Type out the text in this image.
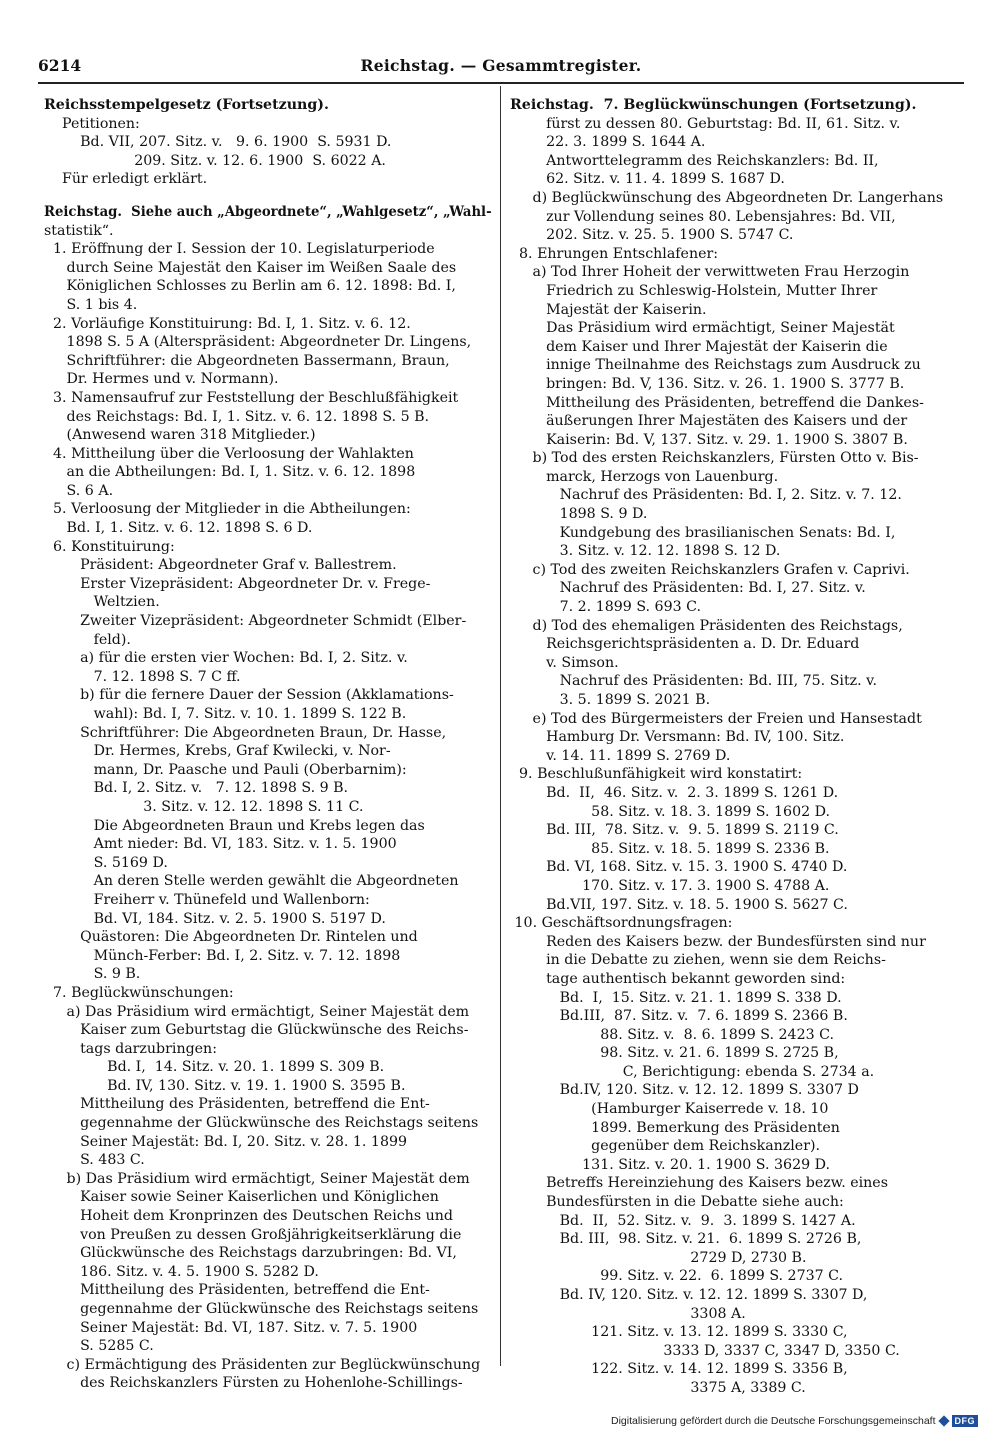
6214	Reichstag. — Gesammtregister.
Reichsstempelgesetz (Fortsetzung).
Petitionen:
Bd. VII, 207. Sitz. v.   9. 6. 1900  S. 5931 D.
209. Sitz. v. 12. 6. 1900  S. 6022 A.
Für erledigt erklärt.
Reichstag.  Siehe auch „Abgeordnete“, „Wahlgesetz“, „Wahl-
statistik“.
1. Eröffnung der I. Session der 10. Legislaturperiode
durch Seine Majestät den Kaiser im Weißen Saale des
Königlichen Schlosses zu Berlin am 6. 12. 1898: Bd. I,
S. 1 bis 4.
2. Vorläufige Konstituirung: Bd. I, 1. Sitz. v. 6. 12.
1898 S. 5 A (Alterspräsident: Abgeordneter Dr. Lingens,
Schriftführer: die Abgeordneten Bassermann, Braun,
Dr. Hermes und v. Normann).
3. Namensaufruf zur Feststellung der Beschlußfähigkeit
des Reichstags: Bd. I, 1. Sitz. v. 6. 12. 1898 S. 5 B.
(Anwesend waren 318 Mitglieder.)
4. Mittheilung über die Verloosung der Wahlakten
an die Abtheilungen: Bd. I, 1. Sitz. v. 6. 12. 1898
S. 6 A.
5. Verloosung der Mitglieder in die Abtheilungen:
Bd. I, 1. Sitz. v. 6. 12. 1898 S. 6 D.
6. Konstituirung:
Präsident: Abgeordneter Graf v. Ballestrem.
Erster Vizepräsident: Abgeordneter Dr. v. Frege-
Weltzien.
Zweiter Vizepräsident: Abgeordneter Schmidt (Elber-
feld).
a) für die ersten vier Wochen: Bd. I, 2. Sitz. v.
7. 12. 1898 S. 7 C ff.
b) für die fernere Dauer der Session (Akklamations-
wahl): Bd. I, 7. Sitz. v. 10. 1. 1899 S. 122 B.
Schriftführer: Die Abgeordneten Braun, Dr. Hasse,
Dr. Hermes, Krebs, Graf Kwilecki, v. Nor-
mann, Dr. Paasche und Pauli (Oberbarnim):
Bd. I, 2. Sitz. v.   7. 12. 1898 S. 9 B.
3. Sitz. v. 12. 12. 1898 S. 11 C.
Die Abgeordneten Braun und Krebs legen das
Amt nieder: Bd. VI, 183. Sitz. v. 1. 5. 1900
S. 5169 D.
An deren Stelle werden gewählt die Abgeordneten
Freiherr v. Thünefeld und Wallenborn:
Bd. VI, 184. Sitz. v. 2. 5. 1900 S. 5197 D.
Quästoren: Die Abgeordneten Dr. Rintelen und
Münch-Ferber: Bd. I, 2. Sitz. v. 7. 12. 1898
S. 9 B.
7. Beglückwünschungen:
a) Das Präsidium wird ermächtigt, Seiner Majestät dem
Kaiser zum Geburtstag die Glückwünsche des Reichs-
tags darzubringen:
Bd. I,  14. Sitz. v. 20. 1. 1899 S. 309 B.
Bd. IV, 130. Sitz. v. 19. 1. 1900 S. 3595 B.
Mittheilung des Präsidenten, betreffend die Ent-
gegennahme der Glückwünsche des Reichstags seitens
Seiner Majestät: Bd. I, 20. Sitz. v. 28. 1. 1899
S. 483 C.
b) Das Präsidium wird ermächtigt, Seiner Majestät dem
Kaiser sowie Seiner Kaiserlichen und Königlichen
Hoheit dem Kronprinzen des Deutschen Reichs und
von Preußen zu dessen Großjährigkeitserklärung die
Glückwünsche des Reichstags darzubringen: Bd. VI,
186. Sitz. v. 4. 5. 1900 S. 5282 D.
Mittheilung des Präsidenten, betreffend die Ent-
gegennahme der Glückwünsche des Reichstags seitens
Seiner Majestät: Bd. VI, 187. Sitz. v. 7. 5. 1900
S. 5285 C.
c) Ermächtigung des Präsidenten zur Beglückwünschung
des Reichskanzlers Fürsten zu Hohenlohe-Schillings-
Reichstag.  7. Beglückwünschungen (Fortsetzung).
fürst zu dessen 80. Geburtstag: Bd. II, 61. Sitz. v.
22. 3. 1899 S. 1644 A.
Antworttelegramm des Reichskanzlers: Bd. II,
62. Sitz. v. 11. 4. 1899 S. 1687 D.
d) Beglückwünschung des Abgeordneten Dr. Langerhans
zur Vollendung seines 80. Lebensjahres: Bd. VII,
202. Sitz. v. 25. 5. 1900 S. 5747 C.
8. Ehrungen Entschlafener:
a) Tod Ihrer Hoheit der verwittweten Frau Herzogin
Friedrich zu Schleswig-Holstein, Mutter Ihrer
Majestät der Kaiserin.
Das Präsidium wird ermächtigt, Seiner Majestät
dem Kaiser und Ihrer Majestät der Kaiserin die
innige Theilnahme des Reichstags zum Ausdruck zu
bringen: Bd. V, 136. Sitz. v. 26. 1. 1900 S. 3777 B.
Mittheilung des Präsidenten, betreffend die Dankes-
äußerungen Ihrer Majestäten des Kaisers und der
Kaiserin: Bd. V, 137. Sitz. v. 29. 1. 1900 S. 3807 B.
b) Tod des ersten Reichskanzlers, Fürsten Otto v. Bis-
marck, Herzogs von Lauenburg.
Nachruf des Präsidenten: Bd. I, 2. Sitz. v. 7. 12.
1898 S. 9 D.
Kundgebung des brasilianischen Senats: Bd. I,
3. Sitz. v. 12. 12. 1898 S. 12 D.
c) Tod des zweiten Reichskanzlers Grafen v. Caprivi.
Nachruf des Präsidenten: Bd. I, 27. Sitz. v.
7. 2. 1899 S. 693 C.
d) Tod des ehemaligen Präsidenten des Reichstags,
Reichsgerichtspräsidenten a. D. Dr. Eduard
v. Simson.
Nachruf des Präsidenten: Bd. III, 75. Sitz. v.
3. 5. 1899 S. 2021 B.
e) Tod des Bürgermeisters der Freien und Hansestadt
Hamburg Dr. Versmann: Bd. IV, 100. Sitz.
v. 14. 11. 1899 S. 2769 D.
9. Beschlußunfähigkeit wird konstatirt:
Bd.  II,  46. Sitz. v.  2. 3. 1899 S. 1261 D.
58. Sitz. v. 18. 3. 1899 S. 1602 D.
Bd. III,  78. Sitz. v.  9. 5. 1899 S. 2119 C.
85. Sitz. v. 18. 5. 1899 S. 2336 B.
Bd. VI, 168. Sitz. v. 15. 3. 1900 S. 4740 D.
170. Sitz. v. 17. 3. 1900 S. 4788 A.
Bd.VII, 197. Sitz. v. 18. 5. 1900 S. 5627 C.
10. Geschäftsordnungsfragen:
Reden des Kaisers bezw. der Bundesfürsten sind nur
in die Debatte zu ziehen, wenn sie dem Reichs-
tage authentisch bekannt geworden sind:
Bd.  I,  15. Sitz. v. 21. 1. 1899 S. 338 D.
Bd.III,  87. Sitz. v.  7. 6. 1899 S. 2366 B.
88. Sitz. v.  8. 6. 1899 S. 2423 C.
98. Sitz. v. 21. 6. 1899 S. 2725 B,
C, Berichtigung: ebenda S. 2734 a.
Bd.IV, 120. Sitz. v. 12. 12. 1899 S. 3307 D
(Hamburger Kaiserrede v. 18. 10
1899. Bemerkung des Präsidenten
gegenüber dem Reichskanzler).
131. Sitz. v. 20. 1. 1900 S. 3629 D.
Betreffs Hereinziehung des Kaisers bezw. eines
Bundesfürsten in die Debatte siehe auch:
Bd.  II,  52. Sitz. v.  9.  3. 1899 S. 1427 A.
Bd. III,  98. Sitz. v. 21.  6. 1899 S. 2726 B,
2729 D, 2730 B.
99. Sitz. v. 22.  6. 1899 S. 2737 C.
Bd. IV, 120. Sitz. v. 12. 12. 1899 S. 3307 D,
3308 A.
121. Sitz. v. 13. 12. 1899 S. 3330 C,
3333 D, 3337 C, 3347 D, 3350 C.
122. Sitz. v. 14. 12. 1899 S. 3356 B,
3375 A, 3389 C.
Digitalisierung gefördert durch die Deutsche Forschungsgemeinschaft	DFG
